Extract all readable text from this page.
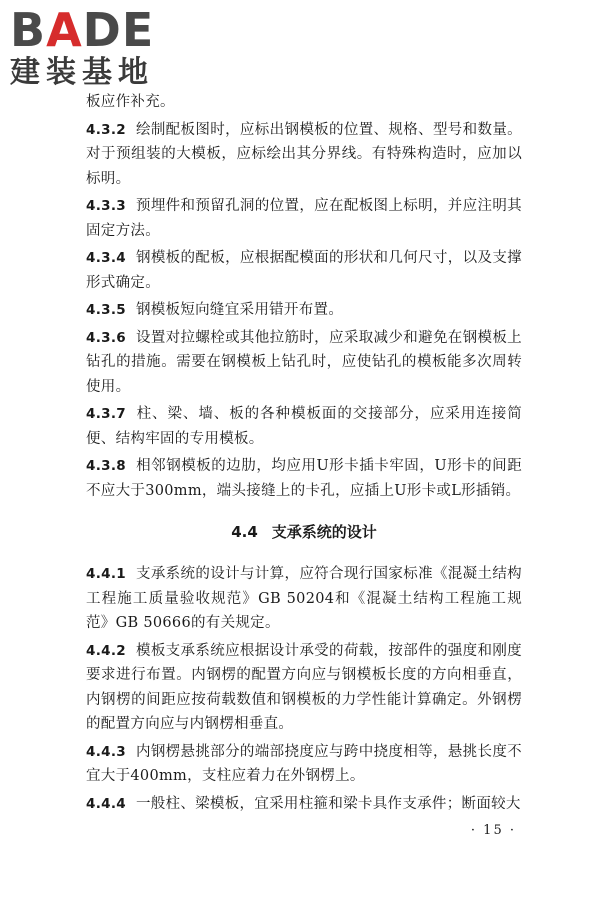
BADE
建装基地

板应作补充。

4.3.2 绘制配板图时，应标出钢模板的位置、规格、型号和数量。对于预组装的大模板，应标绘出其分界线。有特殊构造时，应加以标明。

4.3.3 预埋件和预留孔洞的位置，应在配板图上标明，并应注明其固定方法。

4.3.4 钢模板的配板，应根据配模面的形状和几何尺寸，以及支撑形式确定。

4.3.5 钢模板短向缝宜采用错开布置。

4.3.6 设置对拉螺栓或其他拉筋时，应采取减少和避免在钢模板上钻孔的措施。需要在钢模板上钻孔时，应使钻孔的模板能多次周转使用。

4.3.7 柱、梁、墙、板的各种模板面的交接部分，应采用连接简便、结构牢固的专用模板。

4.3.8 相邻钢模板的边肋，均应用U形卡插卡牢固，U形卡的间距不应大于300mm，端头接缝上的卡孔，应插上U形卡或L形插销。

4.4 支承系统的设计

4.4.1 支承系统的设计与计算，应符合现行国家标准《混凝土结构工程施工质量验收规范》GB 50204和《混凝土结构工程施工规范》GB 50666的有关规定。

4.4.2 模板支承系统应根据设计承受的荷载，按部件的强度和刚度要求进行布置。内钢楞的配置方向应与钢模板长度的方向相垂直，内钢楞的间距应按荷载数值和钢模板的力学性能计算确定。外钢楞的配置方向应与内钢楞相垂直。

4.4.3 内钢楞悬挑部分的端部挠度应与跨中挠度相等，悬挑长度不宜大于400mm，支柱应着力在外钢楞上。

4.4.4 一般柱、梁模板，宜采用柱箍和梁卡具作支承件；断面较大

· 15 ·
